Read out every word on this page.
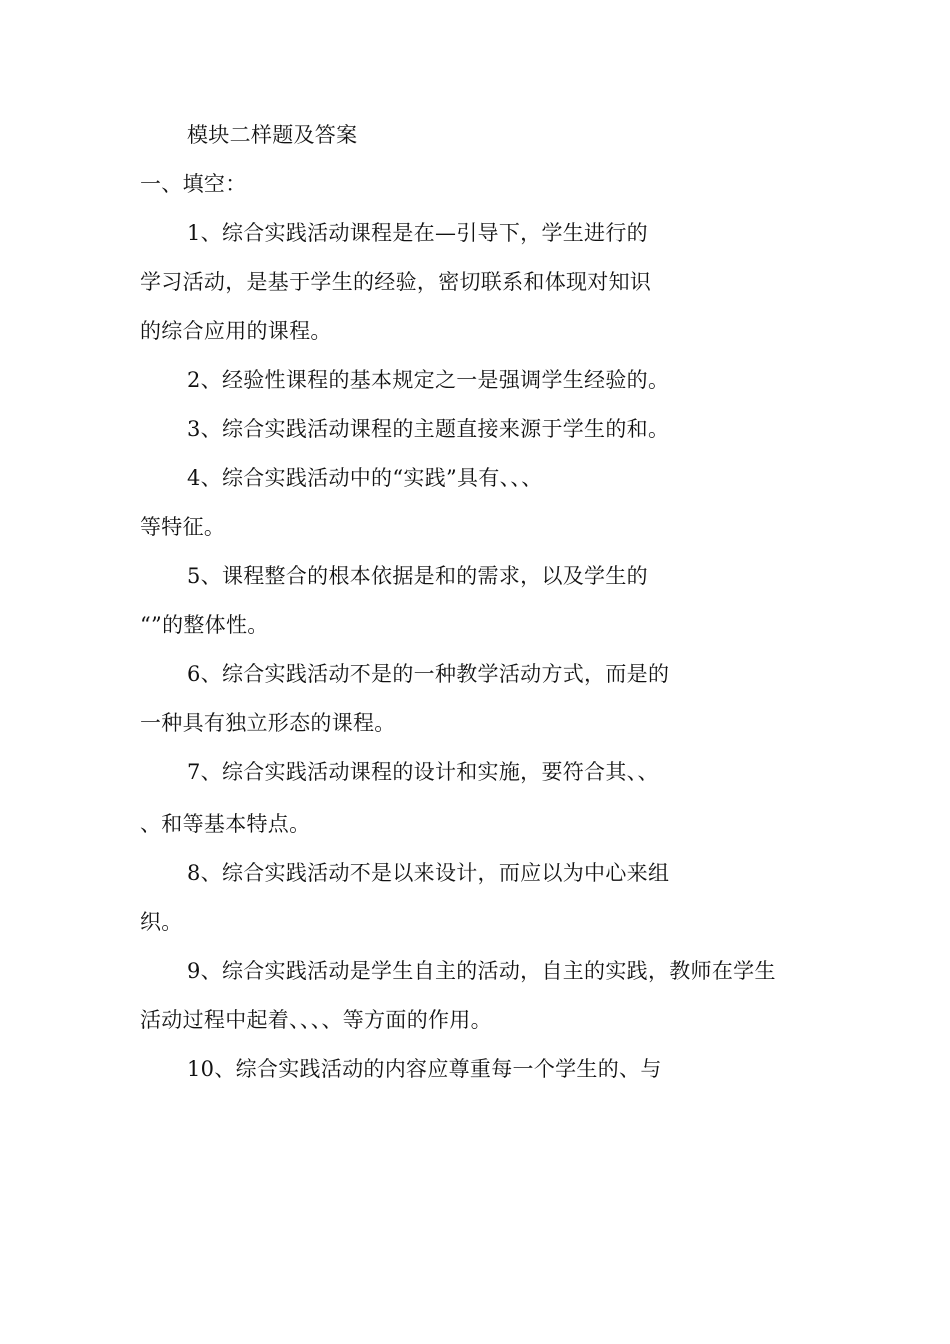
模块二样题及答案
一、填空：
1、综合实践活动课程是在—引导下，学生进行的
学习活动，是基于学生的经验，密切联系和体现对知识
的综合应用的课程。
2、经验性课程的基本规定之一是强调学生经验的。
3、综合实践活动课程的主题直接来源于学生的和。
4、综合实践活动中的“实践”具有、、、
等特征。
5、课程整合的根本依据是和的需求，以及学生的
“”的整体性。
6、综合实践活动不是的一种教学活动方式，而是的
一种具有独立形态的课程。
7、综合实践活动课程的设计和实施，要符合其、、
、和等基本特点。
8、综合实践活动不是以来设计，而应以为中心来组
织。
9、综合实践活动是学生自主的活动，自主的实践，教师在学生
活动过程中起着、、、、等方面的作用。
10、综合实践活动的内容应尊重每一个学生的、与
